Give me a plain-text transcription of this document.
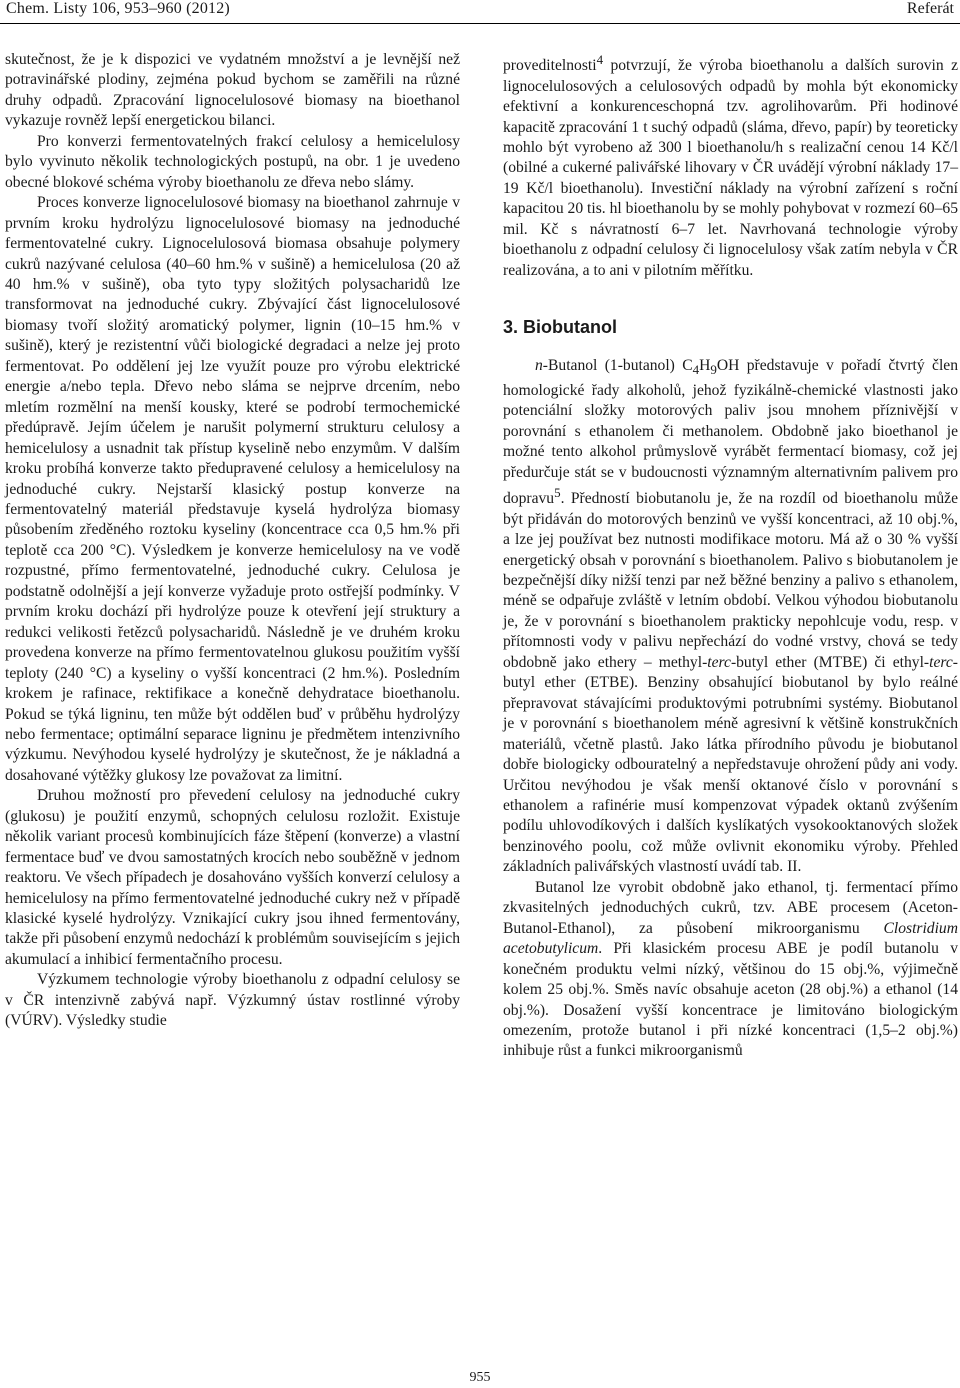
Chem. Listy 106, 953–960 (2012)	Referát

skutečnost, že je k dispozici ve vydatném množství a je levnější než potravinářské plodiny, zejména pokud bychom se zaměřili na různé druhy odpadů. Zpracování lignocelulosové biomasy na bioethanol vykazuje rovněž lepší energetickou bilanci.

Pro konverzi fermentovatelných frakcí celulosy a hemicelulosy bylo vyvinuto několik technologických postupů, na obr. 1 je uvedeno obecné blokové schéma výroby bioethanolu ze dřeva nebo slámy.

Proces konverze lignocelulosové biomasy na bioethanol zahrnuje v prvním kroku hydrolýzu lignocelulosové biomasy na jednoduché fermentovatelné cukry. Lignocelulosová biomasa obsahuje polymery cukrů nazývané celulosa (40–60 hm.% v sušině) a hemicelulosa (20 až 40 hm.% v sušině), oba tyto typy složitých polysacharidů lze transformovat na jednoduché cukry. Zbývající část lignocelulosové biomasy tvoří složitý aromatický polymer, lignin (10–15 hm.% v sušině), který je rezistentní vůči biologické degradaci a nelze jej proto fermentovat. Po oddělení jej lze využít pouze pro výrobu elektrické energie a/nebo tepla. Dřevo nebo sláma se nejprve drcením, nebo mletím rozmělní na menší kousky, které se podrobí termochemické předúpravě. Jejím účelem je narušit polymerní strukturu celulosy a hemicelulosy a usnadnit tak přístup kyselině nebo enzymům. V dalším kroku probíhá konverze takto předupravené celulosy a hemicelulosy na jednoduché cukry. Nejstarší klasický postup konverze na fermentovatelný materiál představuje kyselá hydrolýza biomasy působením zředěného roztoku kyseliny (koncentrace cca 0,5 hm.% při teplotě cca 200 °C). Výsledkem je konverze hemicelulosy na ve vodě rozpustné, přímo fermentovatelné, jednoduché cukry. Celulosa je podstatně odolnější a její konverze vyžaduje proto ostřejší podmínky. V prvním kroku dochází při hydrolýze pouze k otevření její struktury a redukci velikosti řetězců polysacharidů. Následně je ve druhém kroku provedena konverze na přímo fermentovatelnou glukosu použitím vyšší teploty (240 °C) a kyseliny o vyšší koncentraci (2 hm.%). Posledním krokem je rafinace, rektifikace a konečně dehydratace bioethanolu. Pokud se týká ligninu, ten může být oddělen buď v průběhu hydrolýzy nebo fermentace; optimální separace ligninu je předmětem intenzivního výzkumu. Nevýhodou kyselé hydrolýzy je skutečnost, že je nákladná a dosahované výtěžky glukosy lze považovat za limitní.

Druhou možností pro převedení celulosy na jednoduché cukry (glukosu) je použití enzymů, schopných celulosu rozložit. Existuje několik variant procesů kombinujících fáze štěpení (konverze) a vlastní fermentace buď ve dvou samostatných krocích nebo souběžně v jednom reaktoru. Ve všech případech je dosahováno vyšších konverzí celulosy a hemicelulosy na přímo fermentovatelné jednoduché cukry než v případě klasické kyselé hydrolýzy. Vznikající cukry jsou ihned fermentovány, takže při působení enzymů nedochází k problémům souvisejícím s jejich akumulací a inhibicí fermentačního procesu.

Výzkumem technologie výroby bioethanolu z odpadní celulosy se v ČR intenzivně zabývá např. Výzkumný ústav rostlinné výroby (VÚRV). Výsledky studie

proveditelnosti$^4$ potvrzují, že výroba bioethanolu a dalších surovin z lignocelulosových a celulosových odpadů by mohla být ekonomicky efektivní a konkurenceschopná tzv. agrolihovarům. Při hodinové kapacitě zpracování 1 t suchý odpadů (sláma, dřevo, papír) by teoreticky mohlo být vyrobeno až 300 l bioethanolu/h s realizační cenou 14 Kč/l (obilné a cukerné palivářské lihovary v ČR uvádějí výrobní náklady 17–19 Kč/l bioethanolu). Investiční náklady na výrobní zařízení s roční kapacitou 20 tis. hl bioethanolu by se mohly pohybovat v rozmezí 60–65 mil. Kč s návratností 6–7 let. Navrhovaná technologie výroby bioethanolu z odpadní celulosy či lignocelulosy však zatím nebyla v ČR realizována, a to ani v pilotním měřítku.

3. Biobutanol

n-Butanol (1-butanol) $C_4H_9OH$ představuje v pořadí čtvrtý člen homologické řady alkoholů, jehož fyzikálně-chemické vlastnosti jako potenciální složky motorových paliv jsou mnohem příznivější v porovnání s ethanolem či methanolem. Obdobně jako bioethanol je možné tento alkohol průmyslově vyrábět fermentací biomasy, což jej předurčuje stát se v budoucnosti významným alternativním palivem pro dopravu$^5$. Předností biobutanolu je, že na rozdíl od bioethanolu může být přidáván do motorových benzinů ve vyšší koncentraci, až 10 obj.%, a lze jej používat bez nutnosti modifikace motoru. Má až o 30 % vyšší energetický obsah v porovnání s bioethanolem. Palivo s biobutanolem je bezpečnější díky nižší tenzi par než běžné benziny a palivo s ethanolem, méně se odpařuje zvláště v letním období. Velkou výhodou biobutanolu je, že v porovnání s bioethanolem prakticky nepohlcuje vodu, resp. v přítomnosti vody v palivu nepřechází do vodné vrstvy, chová se tedy obdobně jako ethery – methyl-terc-butyl ether (MTBE) či ethyl-terc-butyl ether (ETBE). Benziny obsahující biobutanol by bylo reálné přepravovat stávajícími produktovými potrubními systémy. Biobutanol je v porovnání s bioethanolem méně agresivní k většině konstrukčních materiálů, včetně plastů. Jako látka přírodního původu je biobutanol dobře biologicky odbouratelný a nepředstavuje ohrožení půdy ani vody. Určitou nevýhodou je však menší oktanové číslo v porovnání s ethanolem a rafinérie musí kompenzovat výpadek oktanů zvýšením podílu uhlovodíkových i dalších kyslíkatých vysokooktanových složek benzinového poolu, což může ovlivnit ekonomiku výroby. Přehled základních palivářských vlastností uvádí tab. II.

Butanol lze vyrobit obdobně jako ethanol, tj. fermentací přímo zkvasitelných jednoduchých cukrů, tzv. ABE procesem (Aceton-Butanol-Ethanol), za působení mikroorganismu Clostridium acetobutylicum. Při klasickém procesu ABE je podíl butanolu v konečném produktu velmi nízký, většinou do 15 obj.%, výjimečně kolem 25 obj.%. Směs navíc obsahuje aceton (28 obj.%) a ethanol (14 obj.%). Dosažení vyšší koncentrace je limitováno biologickým omezením, protože butanol i při nízké koncentraci (1,5–2 obj.%) inhibuje růst a funkci mikroorganismů

955
